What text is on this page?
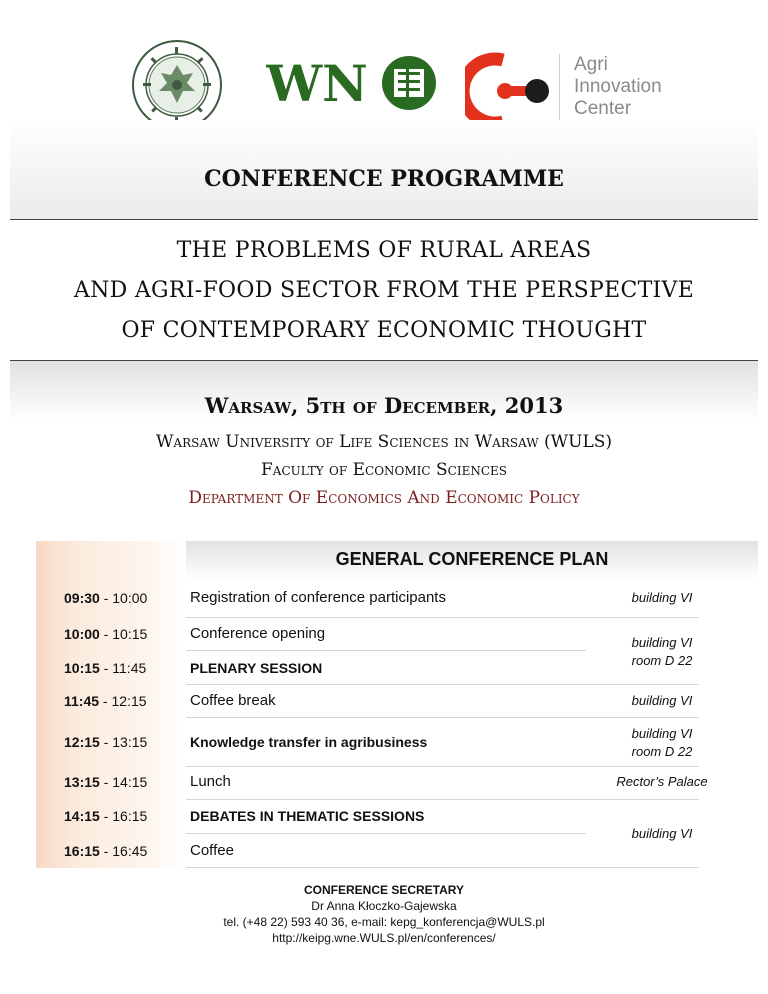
WN	Agri
Innovation
Center
CONFERENCE PROGRAMME
THE PROBLEMS OF RURAL AREAS
AND AGRI-FOOD SECTOR FROM THE PERSPECTIVE
OF CONTEMPORARY ECONOMIC THOUGHT
Warsaw, 5th of December, 2013
Warsaw University of Life Sciences in Warsaw (WULS)
Faculty of Economic Sciences
Department Of Economics And Economic Policy
GENERAL CONFERENCE PLAN
09:30 - 10:00
10:00 - 10:15
10:15 - 11:45
11:45 - 12:15
12:15 - 13:15
13:15 - 14:15
14:15 - 16:15
16:15 - 16:45
Registration of conference participants
Conference opening
PLENARY SESSION
Coffee break
Knowledge transfer in agribusiness
Lunch
DEBATES IN THEMATIC SESSIONS
Coffee
building VI
building VI
room D 22
building VI
building VI
room D 22
Rector’s Palace
building VI
CONFERENCE SECRETARY
Dr Anna Kłoczko-Gajewska
tel. (+48 22) 593 40 36, e-mail: kepg_konferencja@WULS.pl
http://keipg.wne.WULS.pl/en/conferences/
